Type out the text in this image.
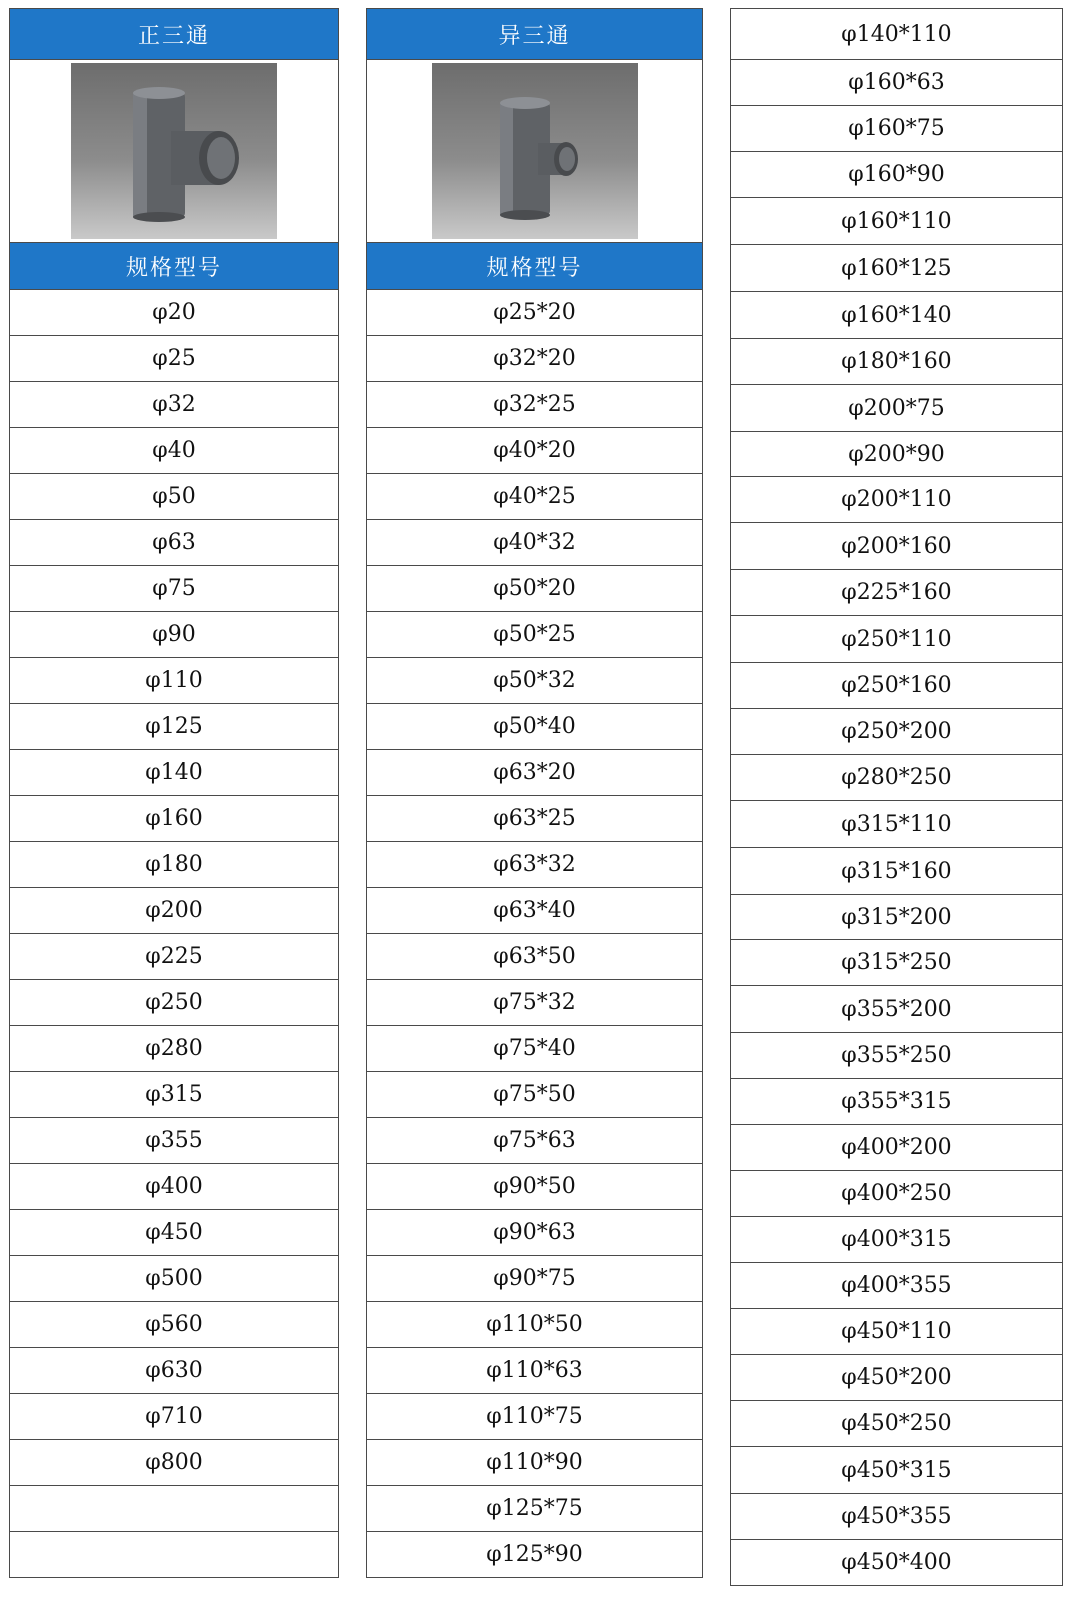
正三通

规格型号
φ20
φ25
φ32
φ40
φ50
φ63
φ75
φ90
φ110
φ125
φ140
φ160
φ180
φ200
φ225
φ250
φ280
φ315
φ355
φ400
φ450
φ500
φ560
φ630
φ710
φ800

异三通

规格型号
φ25*20
φ32*20
φ32*25
φ40*20
φ40*25
φ40*32
φ50*20
φ50*25
φ50*32
φ50*40
φ63*20
φ63*25
φ63*32
φ63*40
φ63*50
φ75*32
φ75*40
φ75*50
φ75*63
φ90*50
φ90*63
φ90*75
φ110*50
φ110*63
φ110*75
φ110*90
φ125*75
φ125*90
φ140*110
φ160*63
φ160*75
φ160*90
φ160*110
φ160*125
φ160*140
φ180*160
φ200*75
φ200*90
φ200*110
φ200*160
φ225*160
φ250*110
φ250*160
φ250*200
φ280*250
φ315*110
φ315*160
φ315*200
φ315*250
φ355*200
φ355*250
φ355*315
φ400*200
φ400*250
φ400*315
φ400*355
φ450*110
φ450*200
φ450*250
φ450*315
φ450*355
φ450*400
